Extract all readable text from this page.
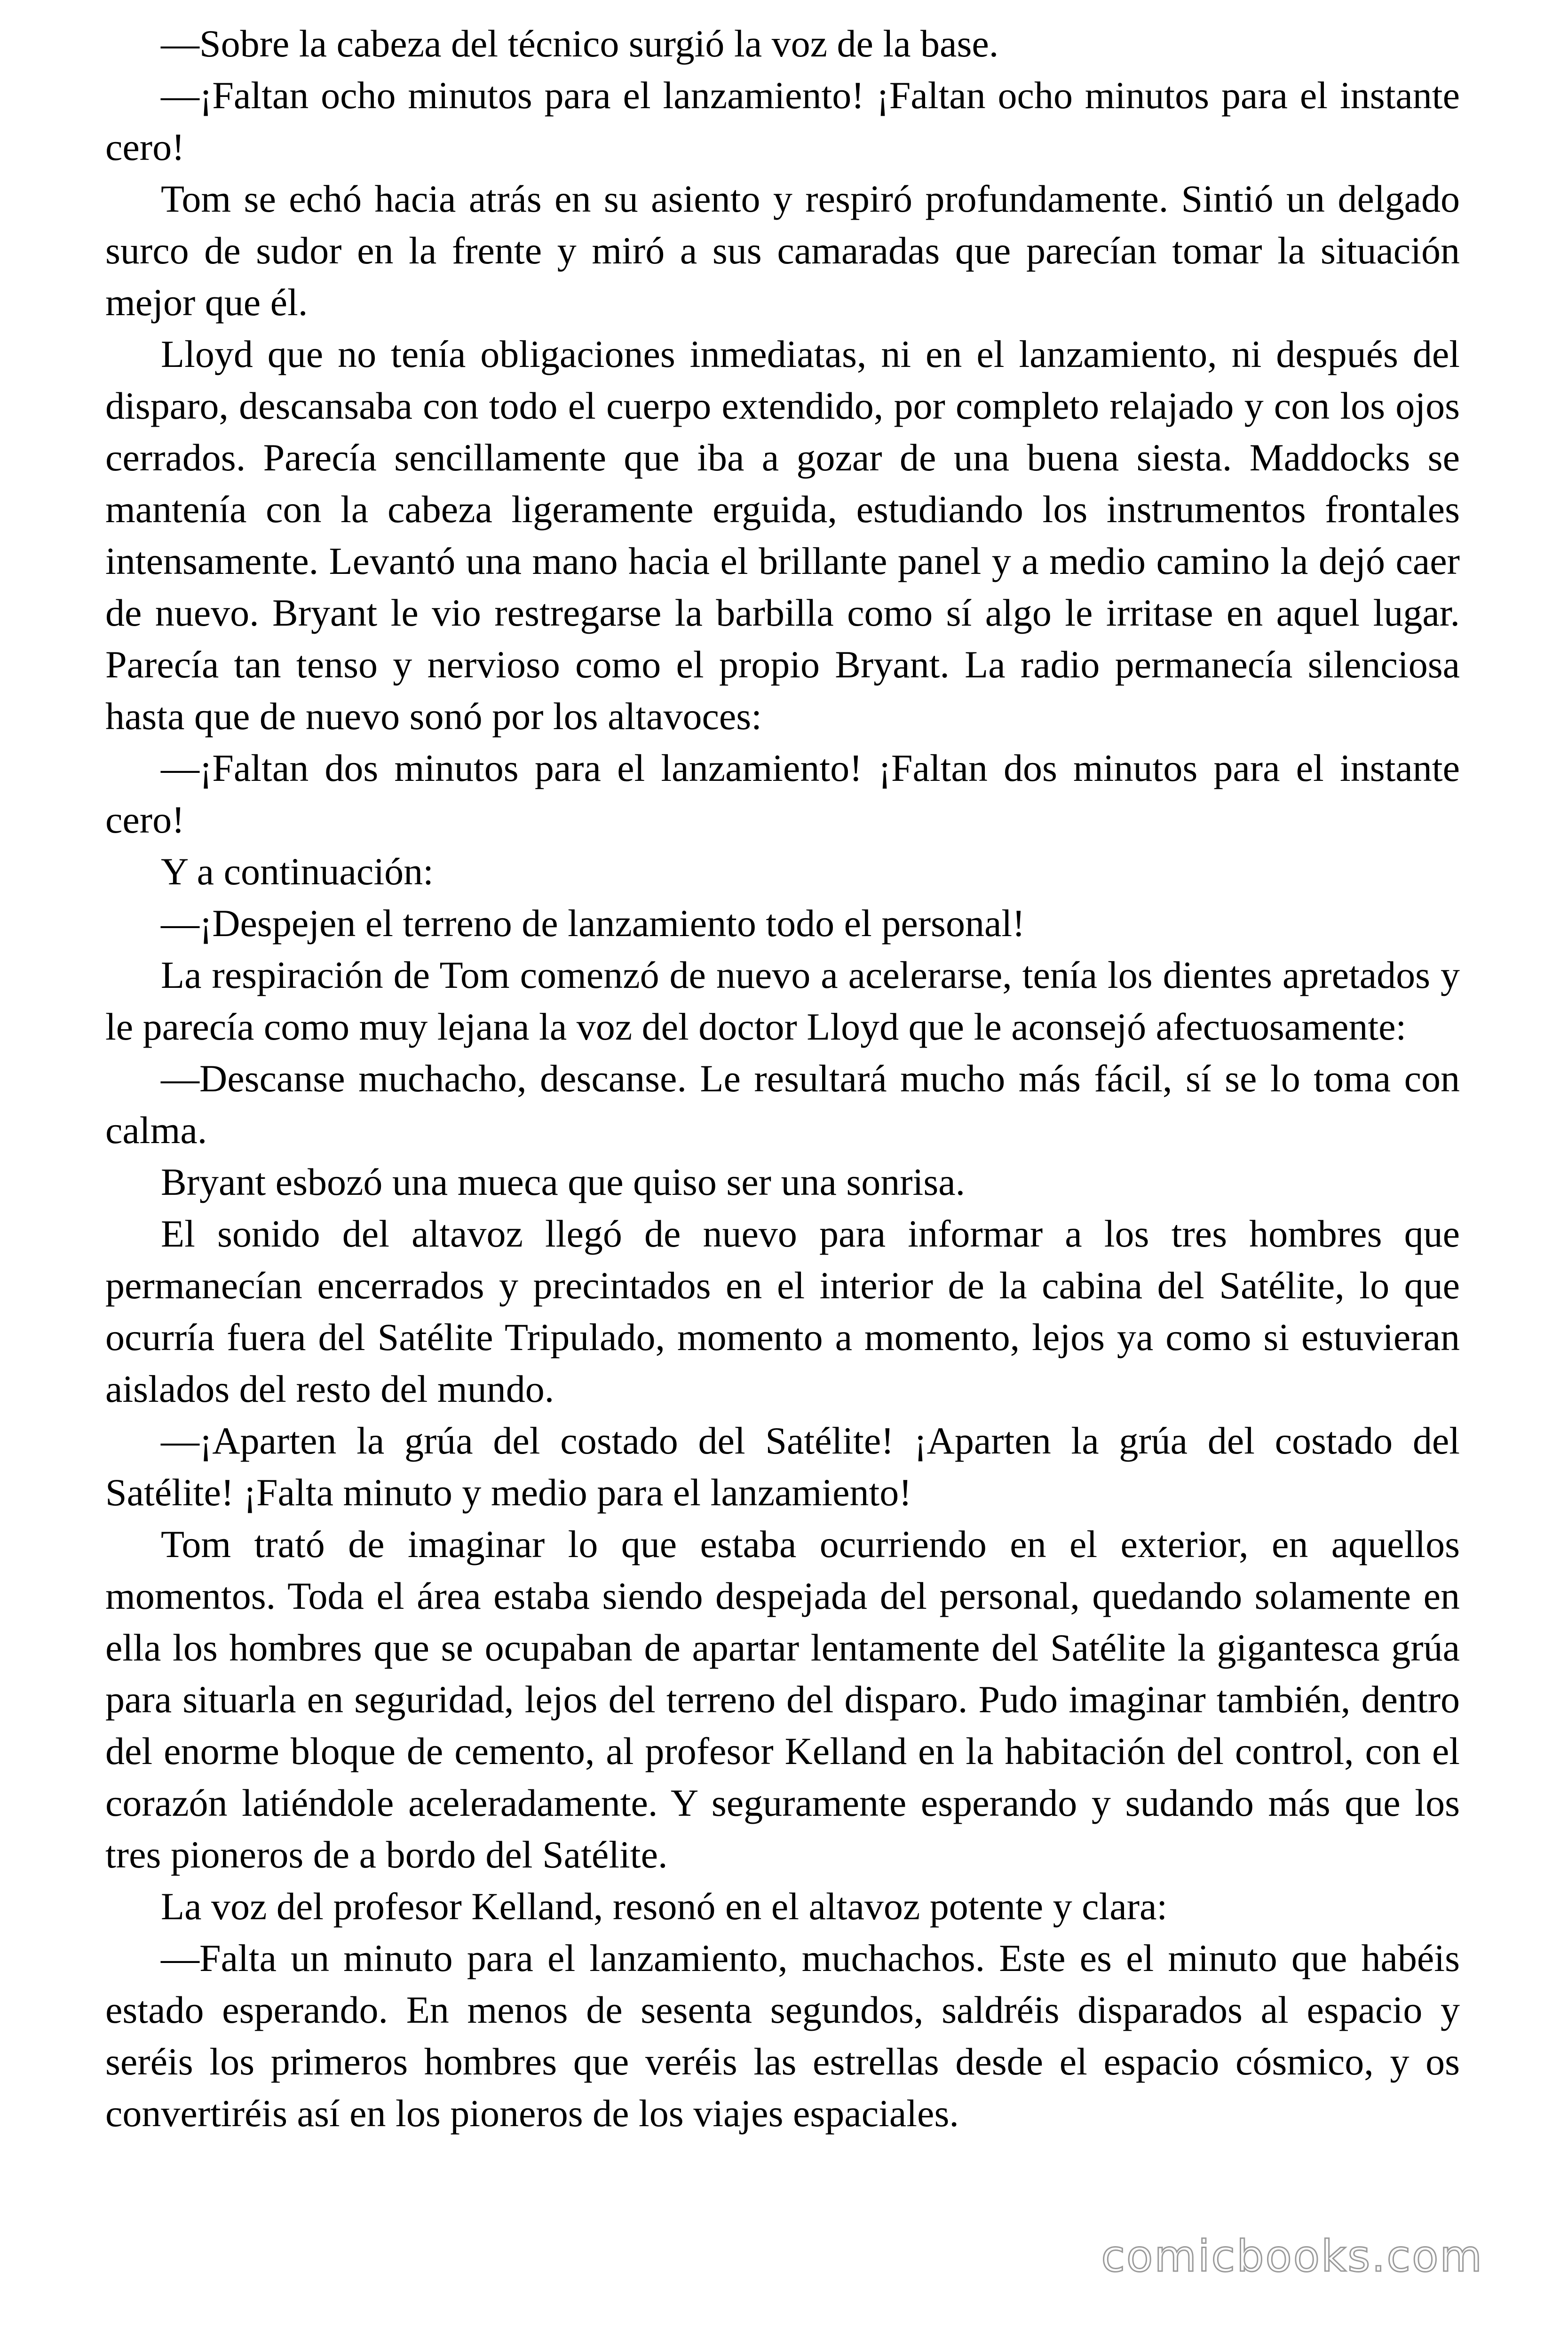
—Sobre la cabeza del técnico surgió la voz de la base.

—¡Faltan ocho minutos para el lanzamiento! ¡Faltan ocho minutos para el instante cero!

Tom se echó hacia atrás en su asiento y respiró profundamente. Sintió un delgado surco de sudor en la frente y miró a sus camaradas que parecían tomar la situación mejor que él.

Lloyd que no tenía obligaciones inmediatas, ni en el lanzamiento, ni después del disparo, descansaba con todo el cuerpo extendido, por completo relajado y con los ojos cerrados. Parecía sencillamente que iba a gozar de una buena siesta. Maddocks se mantenía con la cabeza ligeramente erguida, estudiando los instrumentos frontales intensamente. Levantó una mano hacia el brillante panel y a medio camino la dejó caer de nuevo. Bryant le vio restregarse la barbilla como sí algo le irritase en aquel lugar. Parecía tan tenso y nervioso como el propio Bryant. La radio permanecía silenciosa hasta que de nuevo sonó por los altavoces:

—¡Faltan dos minutos para el lanzamiento! ¡Faltan dos minutos para el instante cero!

Y a continuación:

—¡Despejen el terreno de lanzamiento todo el personal!

La respiración de Tom comenzó de nuevo a acelerarse, tenía los dientes apretados y le parecía como muy lejana la voz del doctor Lloyd que le aconsejó afectuosamente:

—Descanse muchacho, descanse. Le resultará mucho más fácil, sí se lo toma con calma.

Bryant esbozó una mueca que quiso ser una sonrisa.

El sonido del altavoz llegó de nuevo para informar a los tres hombres que permanecían encerrados y precintados en el interior de la cabina del Satélite, lo que ocurría fuera del Satélite Tripulado, momento a momento, lejos ya como si estuvieran aislados del resto del mundo.

—¡Aparten la grúa del costado del Satélite! ¡Aparten la grúa del costado del Satélite! ¡Falta minuto y medio para el lanzamiento!

Tom trató de imaginar lo que estaba ocurriendo en el exterior, en aquellos momentos. Toda el área estaba siendo despejada del personal, quedando solamente en ella los hombres que se ocupaban de apartar lentamente del Satélite la gigantesca grúa para situarla en seguridad, lejos del terreno del disparo. Pudo imaginar también, dentro del enorme bloque de cemento, al profesor Kelland en la habitación del control, con el corazón latiéndole aceleradamente. Y seguramente esperando y sudando más que los tres pioneros de a bordo del Satélite.

La voz del profesor Kelland, resonó en el altavoz potente y clara:

—Falta un minuto para el lanzamiento, muchachos. Este es el minuto que habéis estado esperando. En menos de sesenta segundos, saldréis disparados al espacio y seréis los primeros hombres que veréis las estrellas desde el espacio cósmico, y os convertiréis así en los pioneros de los viajes espaciales.

comicbooks.com
